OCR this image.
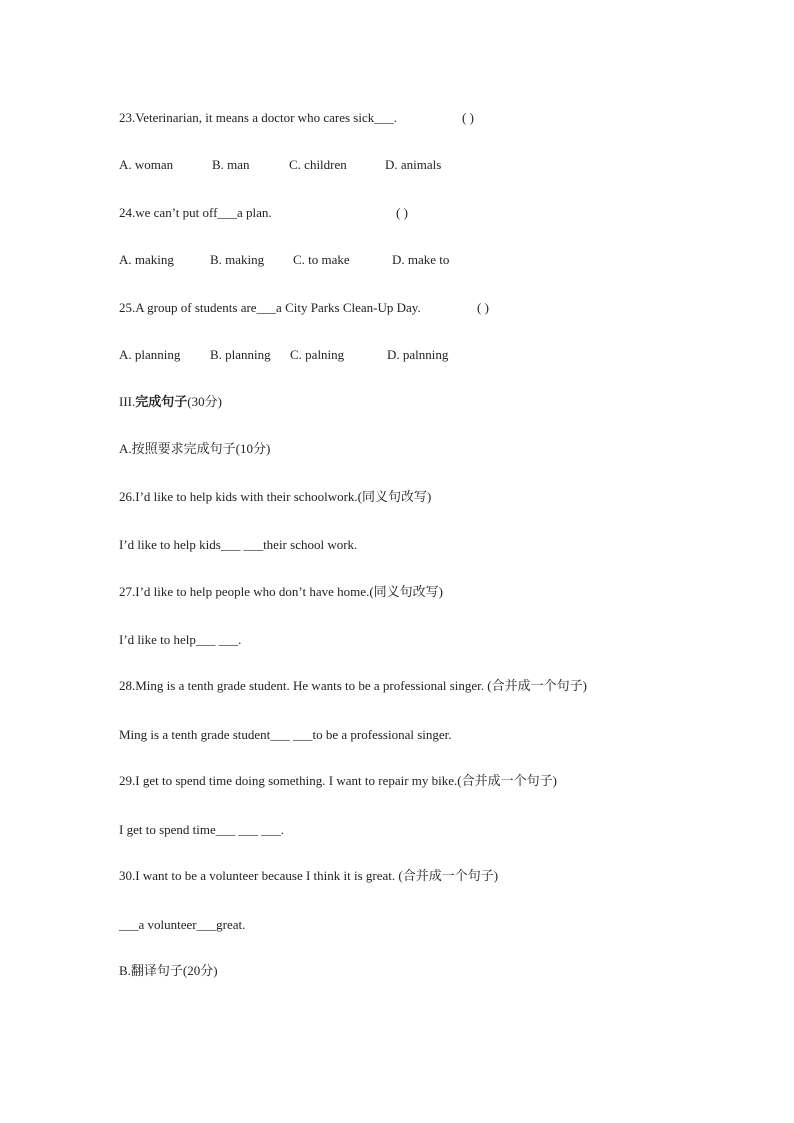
23.Veterinarian, it means a doctor who cares sick___.	( )
A. woman	B. man	C. children	D. animals
24.we can’t put off___a plan.	( )
A. making	B. making C. to make	D. make to
25.A group of students are___a City Parks Clean-Up Day.	( )
A. planning B. planning C. palning	D. palnning
III.完成句子(30分)
A.按照要求完成句子(10分)
26.I’d like to help kids with their schoolwork.(同义句改写)
I’d like to help kids___ ___their school work.
27.I’d like to help people who don’t have home.(同义句改写)
I’d like to help___ ___.
28.Ming is a tenth grade student. He wants to be a professional singer. (合并成一个句子)
Ming is a tenth grade student___ ___to be a professional singer.
29.I get to spend time doing something. I want to repair my bike.(合并成一个句子)
I get to spend time___ ___ ___.
30.I want to be a volunteer because I think it is great. (合并成一个句子)
___a volunteer___great.
B.翻译句子(20分)
